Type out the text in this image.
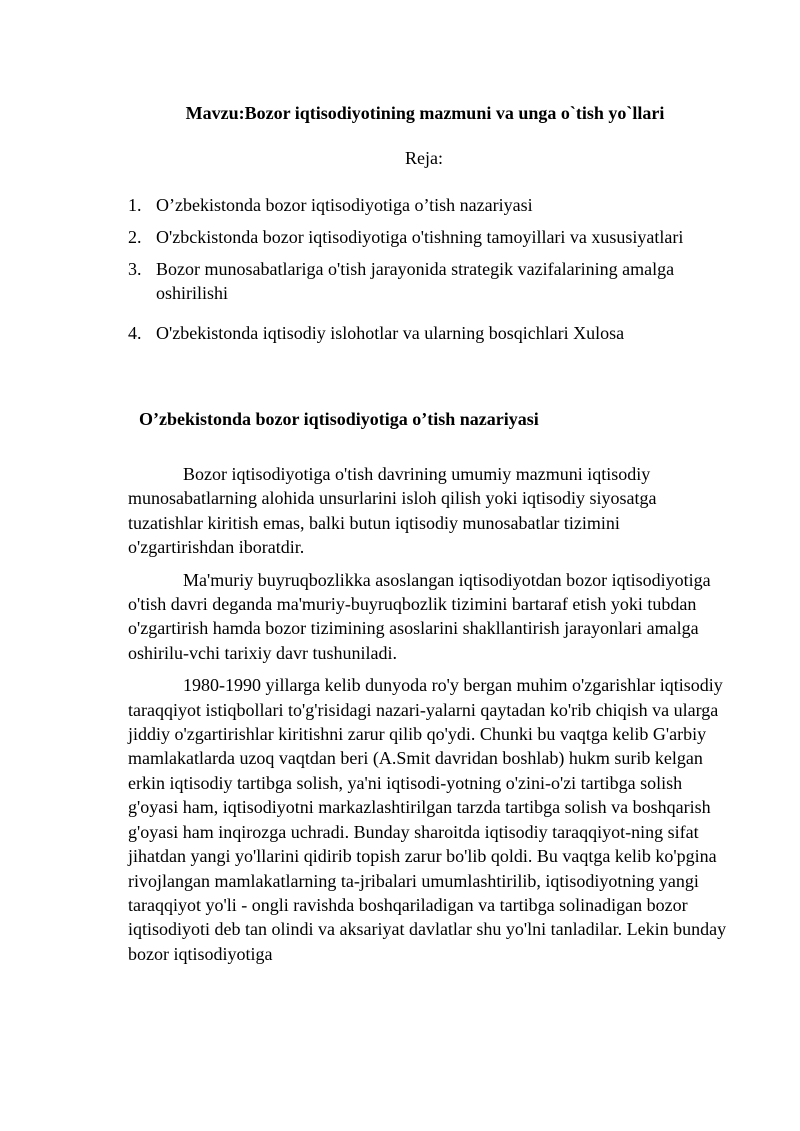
Mavzu:Bozor iqtisodiyotining mazmuni va unga o`tish yo`llari
Reja:
1. O’zbekistonda bozor iqtisodiyotiga o’tish nazariyasi
2. O'zbckistonda bozor iqtisodiyotiga o'tishning tamoyillari va xususiyatlari
3. Bozor munosabatlariga o'tish jarayonida strategik vazifalarining amalga oshirilishi
4. O'zbekistonda iqtisodiy islohotlar va ularning bosqichlari Xulosa
O’zbekistonda bozor iqtisodiyotiga o’tish nazariyasi

Bozor iqtisodiyotiga o'tish davrining umumiy mazmuni iqtisodiy munosabatlarning alohida unsurlarini isloh qilish yoki iqtisodiy siyosatga tuzatishlar kiritish emas, balki butun iqtisodiy munosabatlar tizimini o'zgartirishdan iboratdir.

Ma'muriy buyruqbozlikka asoslangan iqtisodiyotdan bozor iqtisodiyotiga o'tish davri deganda ma'muriy-buyruqbozlik tizimini bartaraf etish yoki tubdan o'zgartirish hamda bozor tizimining asoslarini shakllantirish jarayonlari amalga oshirilu-vchi tarixiy davr tushuniladi.

1980-1990 yillarga kelib dunyoda ro'y bergan muhim o'zgarishlar iqtisodiy taraqqiyot istiqbollari to'g'risidagi nazari-yalarni qaytadan ko'rib chiqish va ularga jiddiy o'zgartirishlar kiritishni zarur qilib qo'ydi. Chunki bu vaqtga kelib G'arbiy mamlakatlarda uzoq vaqtdan beri (A.Smit davridan boshlab) hukm surib kelgan erkin iqtisodiy tartibga solish, ya'ni iqtisodi-yotning o'zini-o'zi tartibga solish g'oyasi ham, iqtisodiyotni markazlashtirilgan tarzda tartibga solish va boshqarish g'oyasi ham inqirozga uchradi. Bunday sharoitda iqtisodiy taraqqiyot-ning sifat jihatdan yangi yo'llarini qidirib topish zarur bo'lib qoldi. Bu vaqtga kelib ko'pgina rivojlangan mamlakatlarning ta-jribalari umumlashtirilib, iqtisodiyotning yangi taraqqiyot yo'li - ongli ravishda boshqariladigan va tartibga solinadigan bozor iqtisodiyoti deb tan olindi va aksariyat davlatlar shu yo'lni tanladilar. Lekin bunday bozor iqtisodiyotiga
